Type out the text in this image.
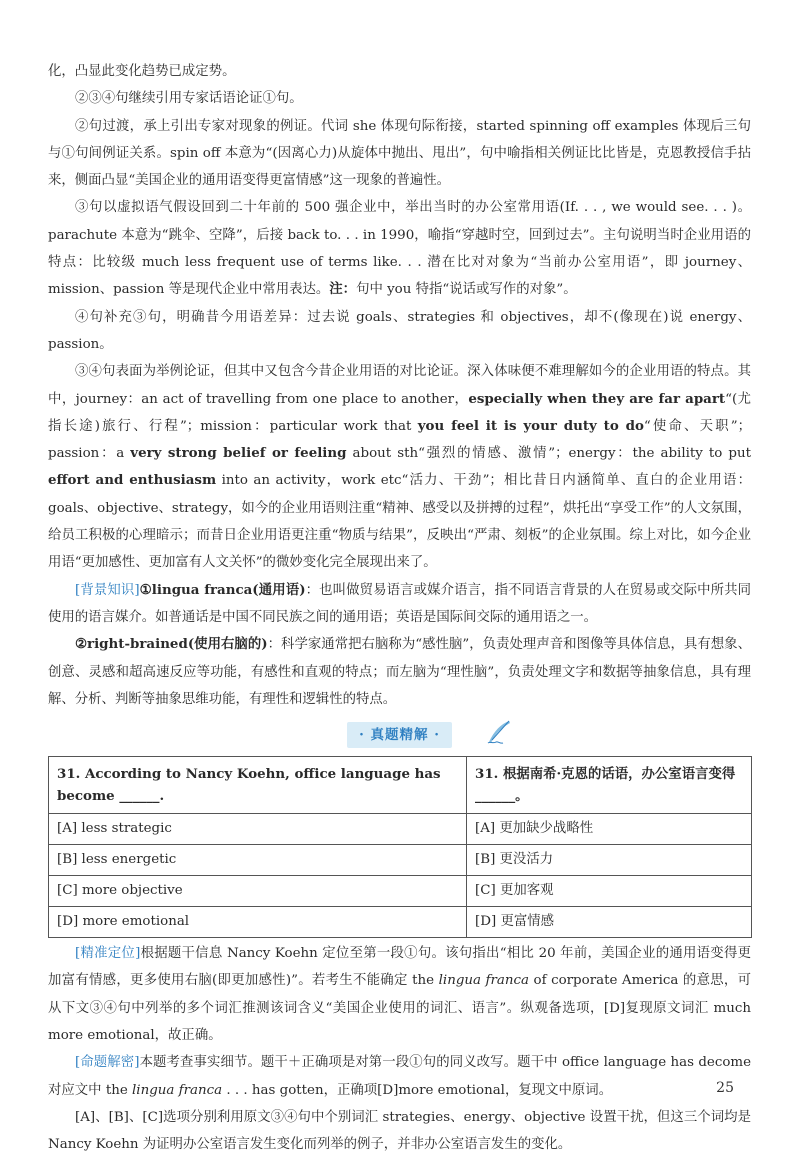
化，凸显此变化趋势已成定势。

②③④句继续引用专家话语论证①句。

②句过渡，承上引出专家对现象的例证。代词 she 体现句际衔接，started spinning off examples 体现后三句与①句间例证关系。spin off 本意为“(因离心力)从旋体中抛出、甩出”，句中喻指相关例证比比皆是，克恩教授信手拈来，侧面凸显“美国企业的通用语变得更富情感”这一现象的普遍性。

③句以虚拟语气假设回到二十年前的 500 强企业中，举出当时的办公室常用语(If. . . , we would see. . . )。parachute 本意为“跳伞、空降”，后接 back to. . . in 1990，喻指“穿越时空，回到过去”。主句说明当时企业用语的特点：比较级 much less frequent use of terms like. . . 潜在比对对象为“当前办公室用语”，即 journey、mission、passion 等是现代企业中常用表达。注：句中 you 特指“说话或写作的对象”。

④句补充③句，明确昔今用语差异：过去说 goals、strategies 和 objectives，却不(像现在)说 energy、passion。

③④句表面为举例论证，但其中又包含今昔企业用语的对比论证。深入体味便不难理解如今的企业用语的特点。其中，journey：an act of travelling from one place to another，especially when they are far apart“(尤指长途)旅行、行程”；mission：particular work that you feel it is your duty to do“使命、天职”；passion：a very strong belief or feeling about sth“强烈的情感、激情”；energy：the ability to put effort and enthusiasm into an activity，work etc“活力、干劲”；相比昔日内涵简单、直白的企业用语：goals、objective、strategy，如今的企业用语则注重“精神、感受以及拼搏的过程”，烘托出“享受工作”的人文氛围，给员工积极的心理暗示；而昔日企业用语更注重“物质与结果”，反映出“严肃、刻板”的企业氛围。综上对比，如今企业用语“更加感性、更加富有人文关怀”的微妙变化完全展现出来了。

[背景知识]①lingua franca(通用语)：也叫做贸易语言或媒介语言，指不同语言背景的人在贸易或交际中所共同使用的语言媒介。如普通话是中国不同民族之间的通用语；英语是国际间交际的通用语之一。

②right-brained(使用右脑的)：科学家通常把右脑称为“感性脑”，负责处理声音和图像等具体信息，具有想象、创意、灵感和超高速反应等功能，有感性和直观的特点；而左脑为“理性脑”，负责处理文字和数据等抽象信息，具有理解、分析、判断等抽象思维功能，有理性和逻辑性的特点。

· 真题精解 ·
31. According to Nancy Koehn, office language has become ______.	31. 根据南希·克恩的话语，办公室语言变得______。
[A] less strategic	[A] 更加缺少战略性
[B] less energetic	[B] 更没活力
[C] more objective	[C] 更加客观
[D] more emotional	[D] 更富情感

[精准定位]根据题干信息 Nancy Koehn 定位至第一段①句。该句指出“相比 20 年前，美国企业的通用语变得更加富有情感，更多使用右脑(即更加感性)”。若考生不能确定 the lingua franca of corporate America 的意思，可从下文③④句中列举的多个词汇推测该词含义“美国企业使用的词汇、语言”。纵观备选项，[D]复现原文词汇 much more emotional，故正确。

[命题解密]本题考查事实细节。题干＋正确项是对第一段①句的同义改写。题干中 office language has decome 对应文中 the lingua franca . . . has gotten，正确项[D]more emotional，复现文中原词。

[A]、[B]、[C]选项分别利用原文③④句中个别词汇 strategies、energy、objective 设置干扰，但这三个词均是 Nancy Koehn 为证明办公室语言发生变化而列举的例子，并非办公室语言发生的变化。

25
